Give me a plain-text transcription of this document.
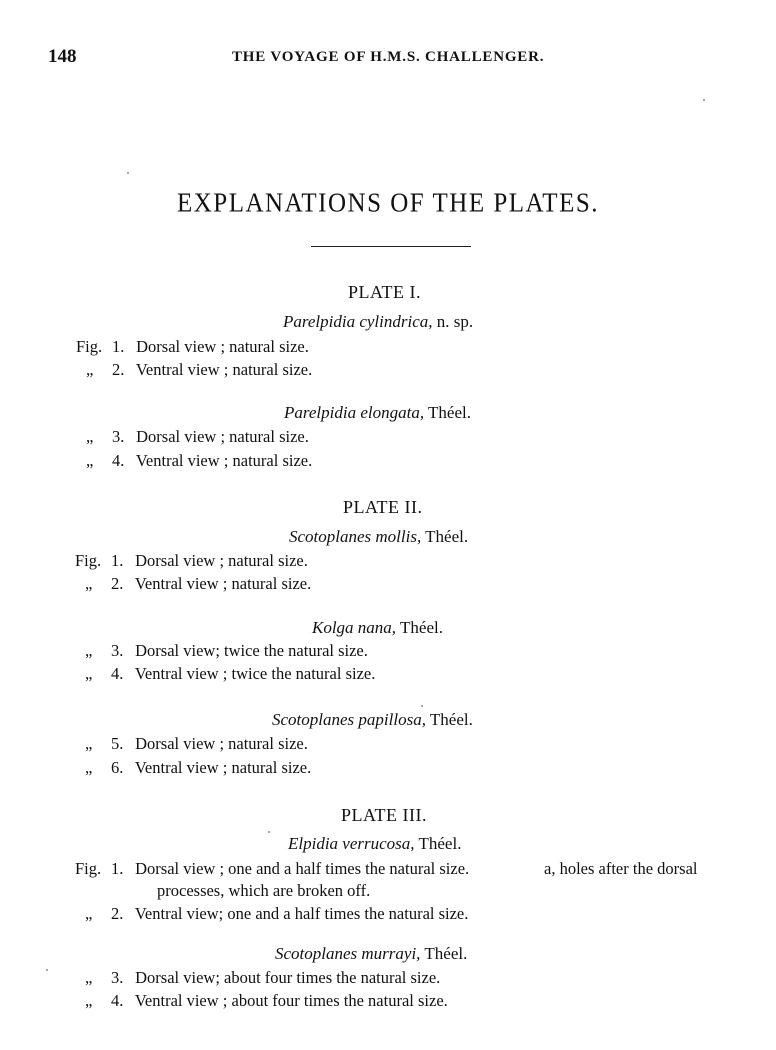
148	THE VOYAGE OF H.M.S. CHALLENGER.
EXPLANATIONS OF THE PLATES.
PLATE I.
Parelpidia cylindrica, n. sp.
Fig. 1. Dorsal view ; natural size.
„ 2. Ventral view ; natural size.
Parelpidia elongata, Théel.
„ 3. Dorsal view ; natural size.
„ 4. Ventral view ; natural size.
PLATE II.
Scotoplanes mollis, Théel.
Fig. 1. Dorsal view ; natural size.
„ 2. Ventral view ; natural size.
Kolga nana, Théel.
„ 3. Dorsal view; twice the natural size.
„ 4. Ventral view ; twice the natural size.
Scotoplanes papillosa, Théel.
„ 5. Dorsal view ; natural size.
„ 6. Ventral view ; natural size.
PLATE III.
Elpidia verrucosa, Théel.
Fig. 1. Dorsal view ; one and a half times the natural size.	a, holes after the dorsal
processes, which are broken off.
„ 2. Ventral view; one and a half times the natural size.
Scotoplanes murrayi, Théel.
„ 3. Dorsal view; about four times the natural size.
„ 4. Ventral view ; about four times the natural size.
